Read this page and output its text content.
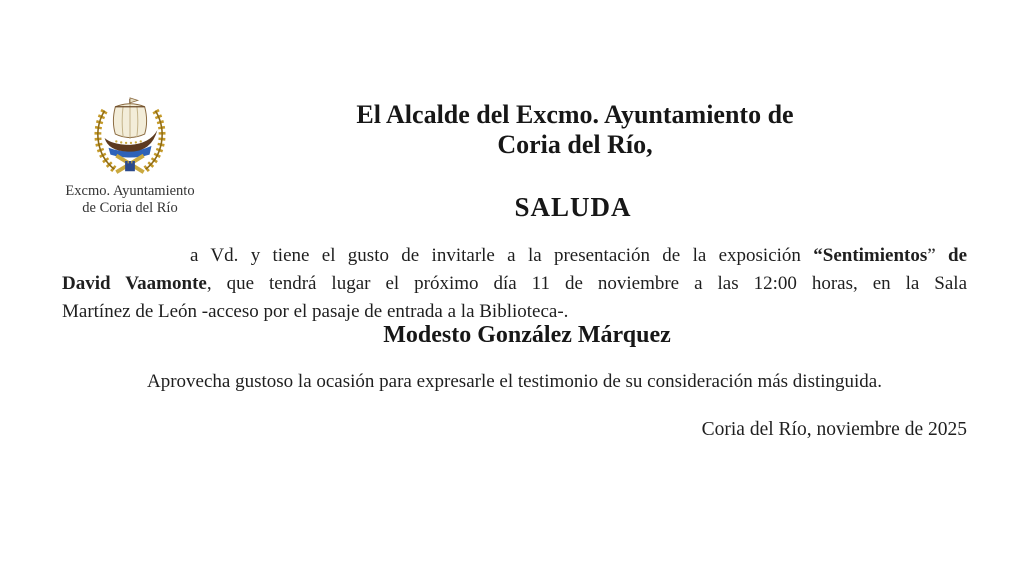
Excmo. Ayuntamiento
de Coria del Río
El Alcalde del Excmo. Ayuntamiento de
Coria del Río,
SALUDA
a Vd. y tiene el gusto de invitarle a la presentación de la exposición “Sentimientos” de
David Vaamonte, que tendrá lugar el próximo día 11 de noviembre a las 12:00 horas, en la Sala
Martínez de León -acceso por el pasaje de entrada a la Biblioteca-.
Modesto González Márquez
Aprovecha gustoso la ocasión para expresarle el testimonio de su consideración más distinguida.
Coria del Río, noviembre de 2025
